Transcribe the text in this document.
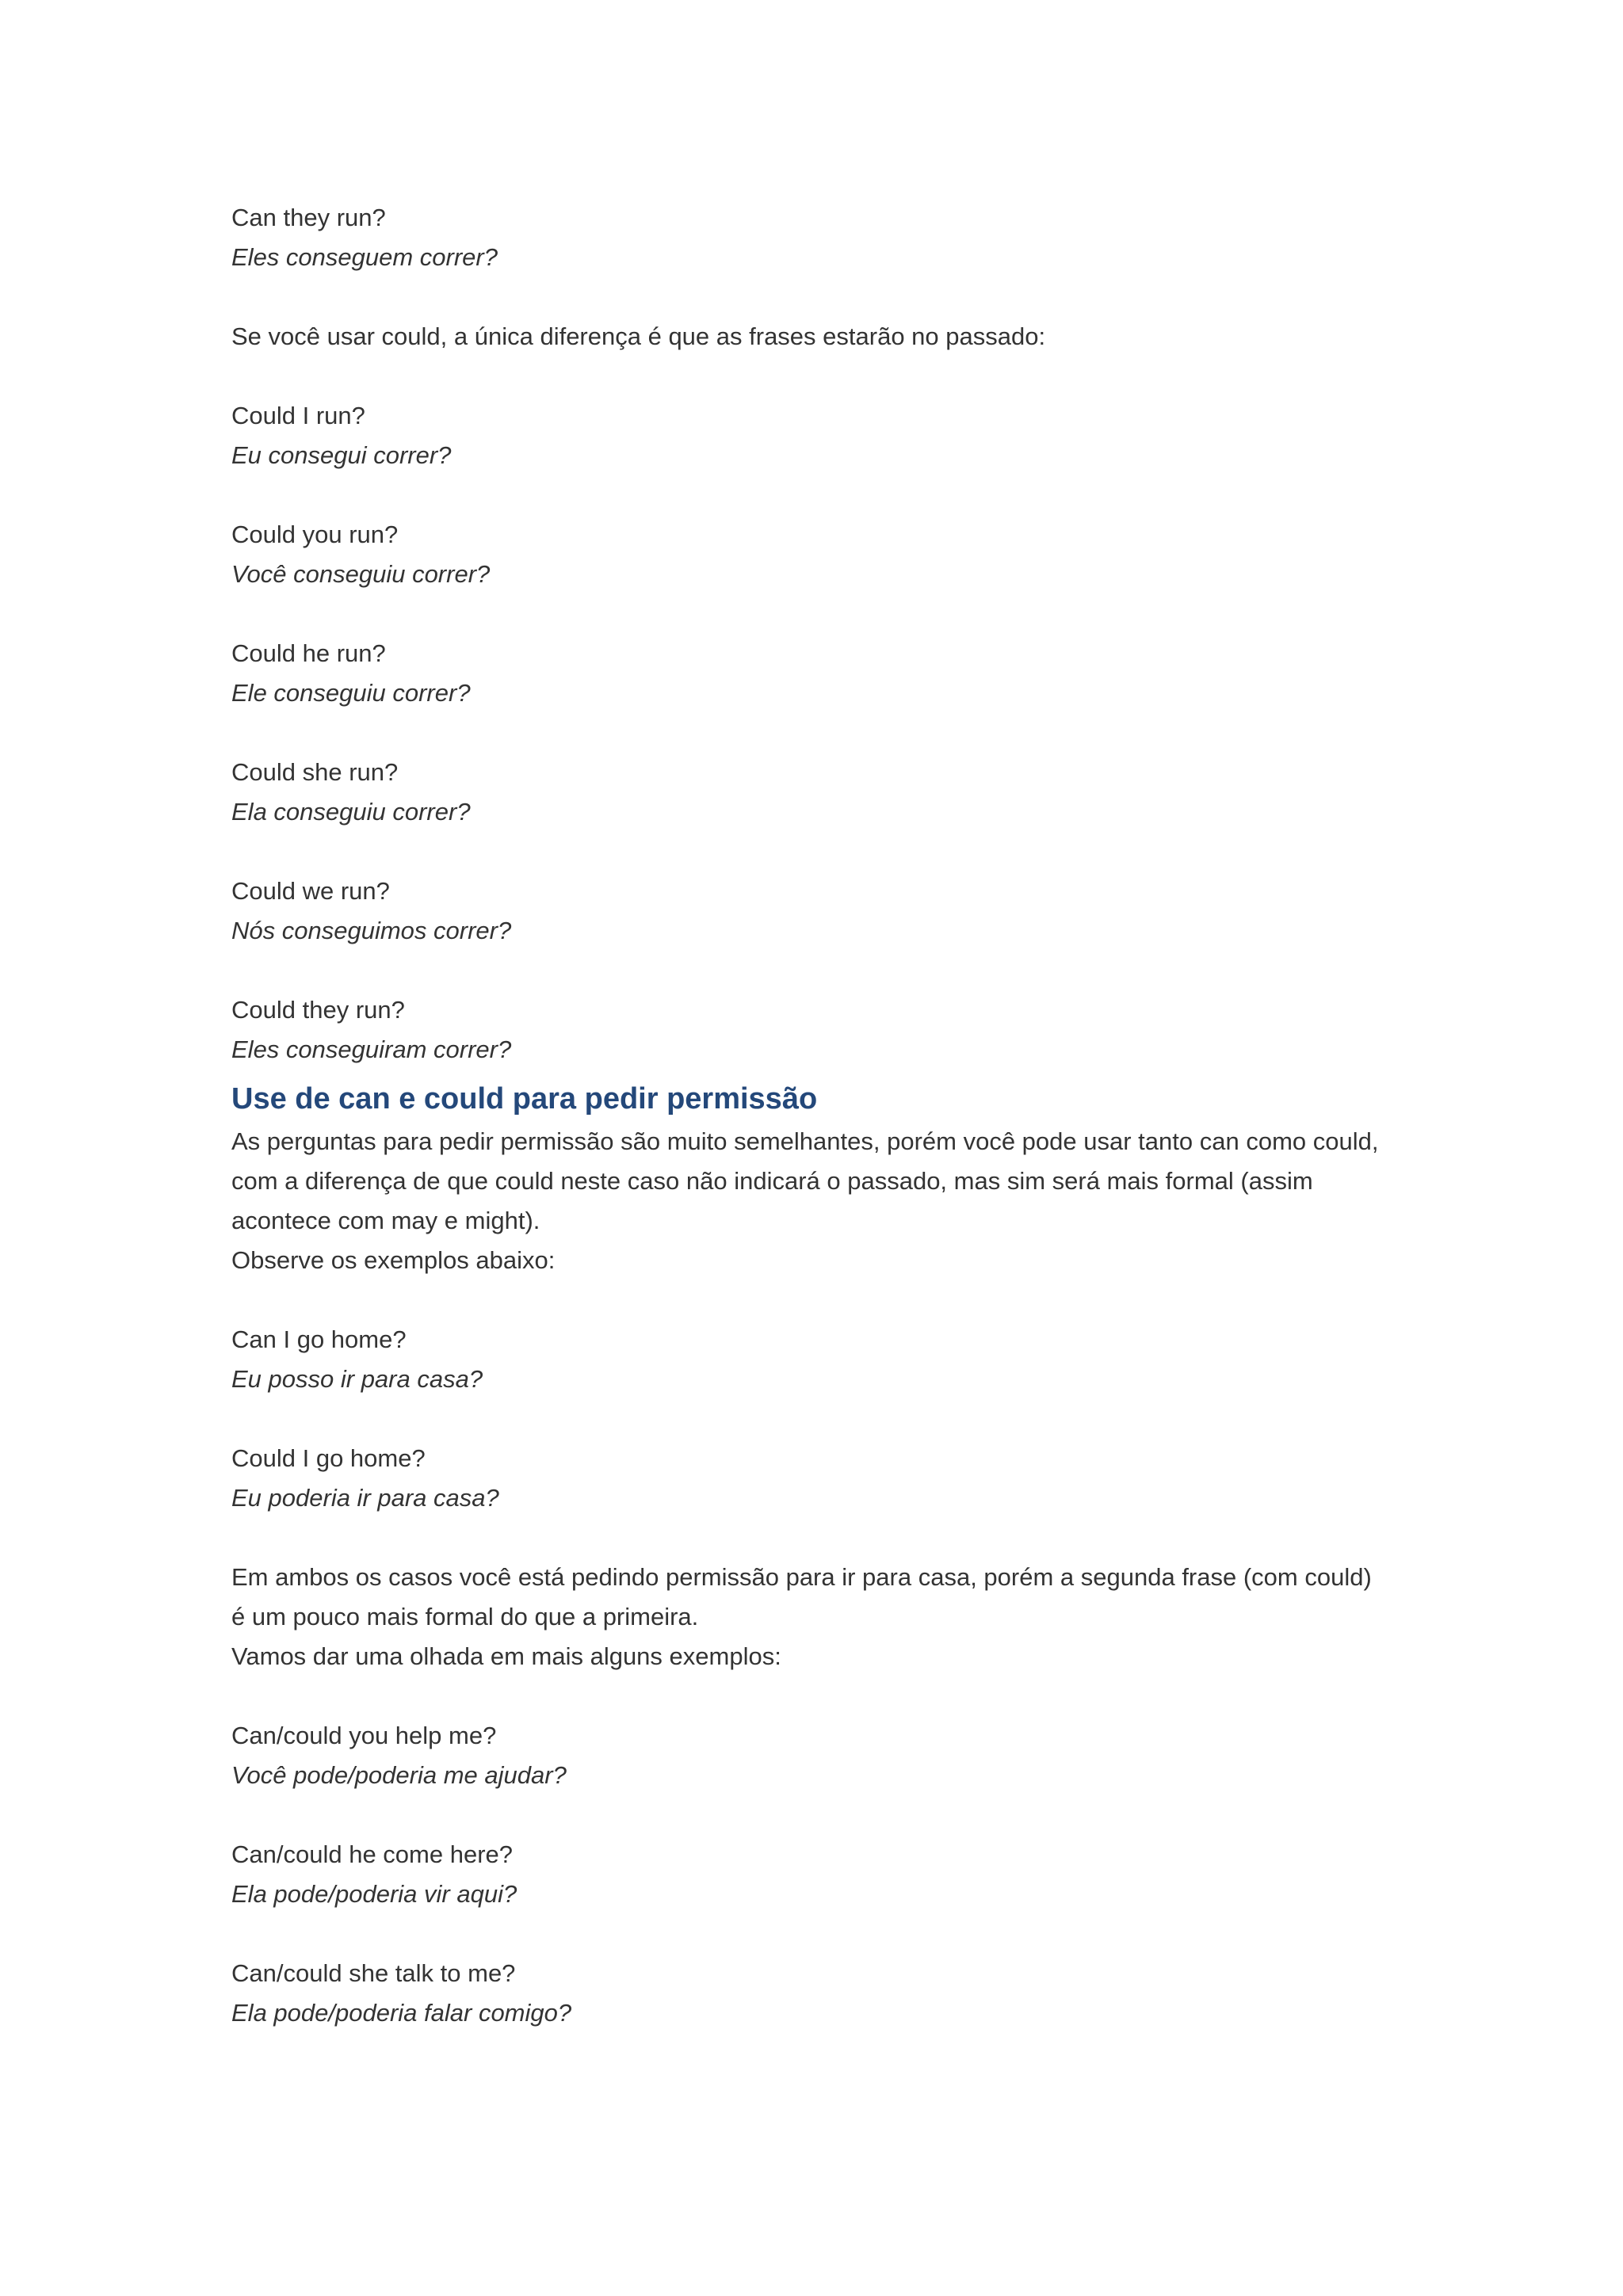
Can they run?
Eles conseguem correr?
Se você usar could, a única diferença é que as frases estarão no passado:
Could I run?
Eu consegui correr?
Could you run?
Você conseguiu correr?
Could he run?
Ele conseguiu correr?
Could she run?
Ela conseguiu correr?
Could we run?
Nós conseguimos correr?
Could they run?
Eles conseguiram correr?
Use de can e could para pedir permissão
As perguntas para pedir permissão são muito semelhantes, porém você pode usar tanto can como could,
com a diferença de que could neste caso não indicará o passado, mas sim será mais formal (assim
acontece com may e might).
Observe os exemplos abaixo:
Can I go home?
Eu posso ir para casa?
Could I go home?
Eu poderia ir para casa?
Em ambos os casos você está pedindo permissão para ir para casa, porém a segunda frase (com could)
é um pouco mais formal do que a primeira.
Vamos dar uma olhada em mais alguns exemplos:
Can/could you help me?
Você pode/poderia me ajudar?
Can/could he come here?
Ela pode/poderia vir aqui?
Can/could she talk to me?
Ela pode/poderia falar comigo?
